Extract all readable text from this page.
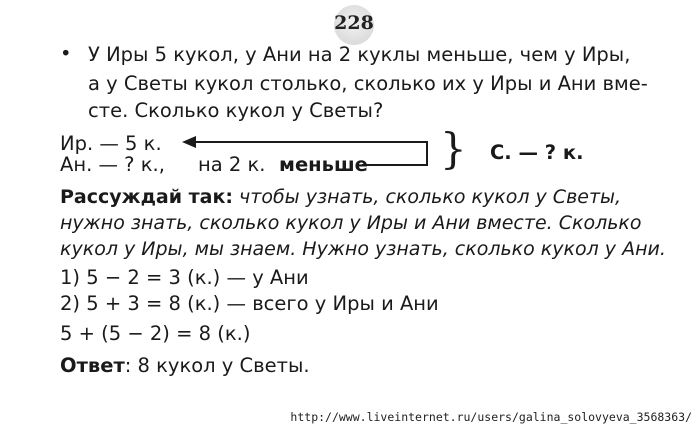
228
• У Иры 5 кукол, у Ани на 2 куклы меньше, чем у Иры,
а у Светы кукол столько, сколько их у Иры и Ани вме-
сте. Сколько кукол у Светы?
Ир. — 5 к.
Ан. — ? к., на 2 к. меньше } С. — ? к.
Рассуждай так: чтобы узнать, сколько кукол у Светы,
нужно знать, сколько кукол у Иры и Ани вместе. Сколько
кукол у Иры, мы знаем. Нужно узнать, сколько кукол у Ани.
1) 5 − 2 = 3 (к.) — у Ани
2) 5 + 3 = 8 (к.) — всего у Иры и Ани
5 + (5 − 2) = 8 (к.)
Ответ: 8 кукол у Светы.
http://www.liveinternet.ru/users/galina_solovyeva_3568363/
